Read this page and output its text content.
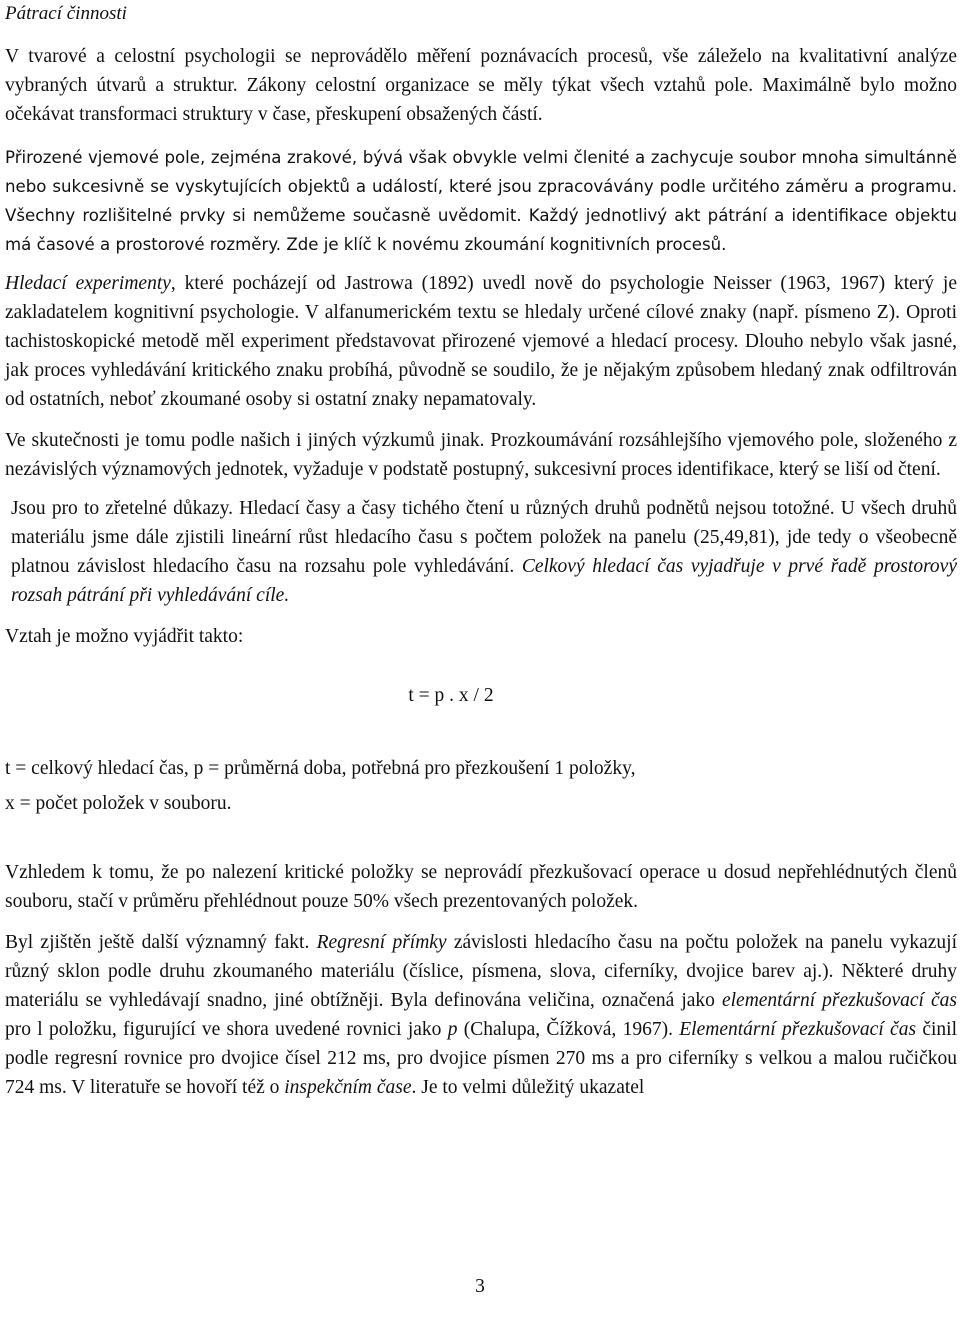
Pátrací činnosti

V tvarové a celostní psychologii se neprovádělo měření poznávacích procesů, vše záleželo na kvalitativní analýze vybraných útvarů a struktur. Zákony celostní organizace se měly týkat všech vztahů pole. Maximálně bylo možno očekávat transformaci struktury v čase, přeskupení obsažených částí.

Přirozené vjemové pole, zejména zrakové, bývá však obvykle velmi členité a zachycuje soubor mnoha simultánně nebo sukcesivně se vyskytujících objektů a událostí, které jsou zpracovávány podle určitého záměru a programu. Všechny rozlišitelné prvky si nemůžeme současně uvědomit. Každý jednotlivý akt pátrání a identifikace objektu má časové a prostorové rozměry. Zde je klíč k novému zkoumání kognitivních procesů.

Hledací experimenty, které pocházejí od Jastrowa (1892) uvedl nově do psychologie Neisser (1963, 1967) který je zakladatelem kognitivní psychologie. V alfanumerickém textu se hledaly určené cílové znaky (např. písmeno Z). Oproti tachistoskopické metodě měl experiment představovat přirozené vjemové a hledací procesy. Dlouho nebylo však jasné, jak proces vyhledávání kritického znaku probíhá, původně se soudilo, že je nějakým způsobem hledaný znak odfiltrován od ostatních, neboť zkoumané osoby si ostatní znaky nepamatovaly.

Ve skutečnosti je tomu podle našich i jiných výzkumů jinak. Prozkoumávání rozsáhlejšího vjemového pole, složeného z nezávislých významových jednotek, vyžaduje v podstatě postupný, sukcesivní proces identifikace, který se liší od čtení.

Jsou pro to zřetelné důkazy. Hledací časy a časy tichého čtení u různých druhů podnětů nejsou totožné. U všech druhů materiálu jsme dále zjistili lineární růst hledacího času s počtem položek na panelu (25,49,81), jde tedy o všeobecně platnou závislost hledacího času na rozsahu pole vyhledávání. Celkový hledací čas vyjadřuje v prvé řadě prostorový rozsah pátrání při vyhledávání cíle.

Vztah je možno vyjádřit takto:

t = p . x / 2

t = celkový hledací čas, p = průměrná doba, potřebná pro přezkoušení 1 položky,

x = počet položek v souboru.

Vzhledem k tomu, že po nalezení kritické položky se neprovádí přezkušovací operace u dosud nepřehlédnutých členů souboru, stačí v průměru přehlédnout pouze 50% všech prezentovaných položek.

Byl zjištěn ještě další významný fakt. Regresní přímky závislosti hledacího času na počtu položek na panelu vykazují různý sklon podle druhu zkoumaného materiálu (číslice, písmena, slova, ciferníky, dvojice barev aj.). Některé druhy materiálu se vyhledávají snadno, jiné obtížněji. Byla definována veličina, označená jako elementární přezkušovací čas pro l položku, figurující ve shora uvedené rovnici jako p (Chalupa, Čížková, 1967). Elementární přezkušovací čas činil podle regresní rovnice pro dvojice čísel 212 ms, pro dvojice písmen 270 ms a pro ciferníky s velkou a malou ručičkou 724 ms. V literatuře se hovoří též o inspekčním čase. Je to velmi důležitý ukazatel

3
